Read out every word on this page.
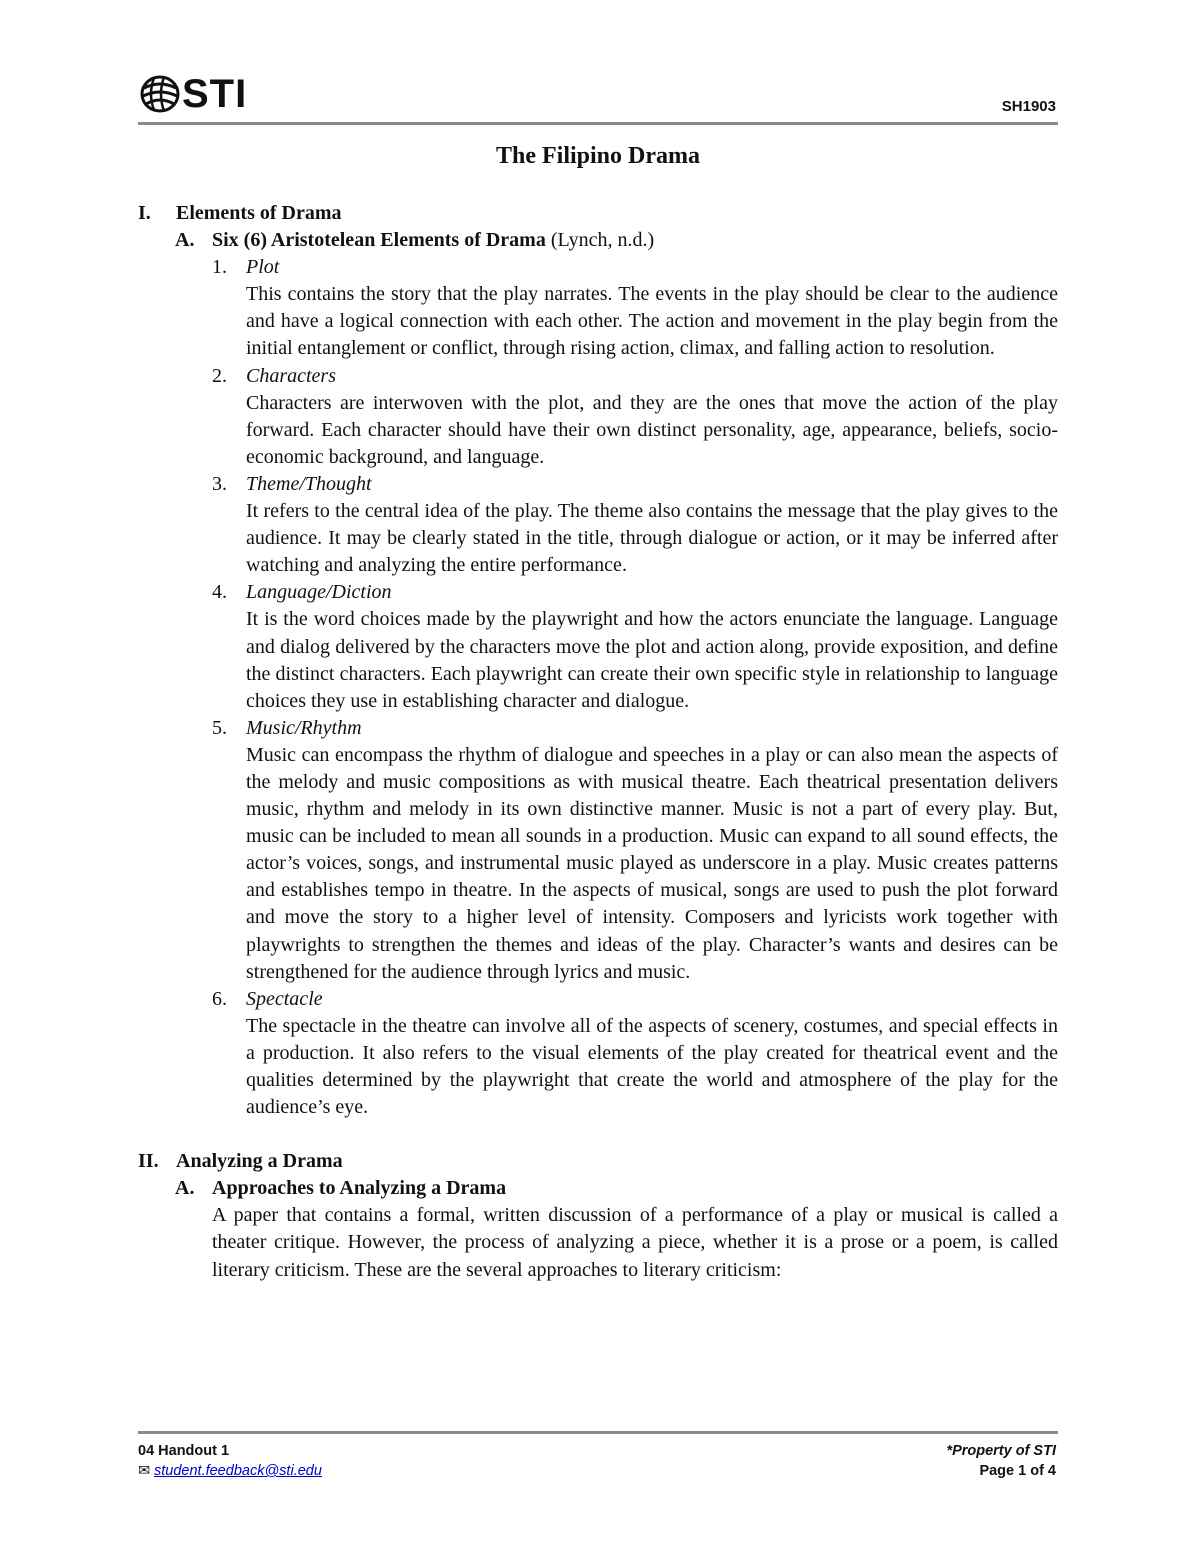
STI	SH1903
The Filipino Drama
I.	Elements of Drama
A. Six (6) Aristotelean Elements of Drama (Lynch, n.d.)
1. Plot
This contains the story that the play narrates. The events in the play should be clear to the audience and have a logical connection with each other. The action and movement in the play begin from the initial entanglement or conflict, through rising action, climax, and falling action to resolution.
2. Characters
Characters are interwoven with the plot, and they are the ones that move the action of the play forward. Each character should have their own distinct personality, age, appearance, beliefs, socio-economic background, and language.
3. Theme/Thought
It refers to the central idea of the play. The theme also contains the message that the play gives to the audience. It may be clearly stated in the title, through dialogue or action, or it may be inferred after watching and analyzing the entire performance.
4. Language/Diction
It is the word choices made by the playwright and how the actors enunciate the language. Language and dialog delivered by the characters move the plot and action along, provide exposition, and define the distinct characters. Each playwright can create their own specific style in relationship to language choices they use in establishing character and dialogue.
5. Music/Rhythm
Music can encompass the rhythm of dialogue and speeches in a play or can also mean the aspects of the melody and music compositions as with musical theatre. Each theatrical presentation delivers music, rhythm and melody in its own distinctive manner. Music is not a part of every play. But, music can be included to mean all sounds in a production. Music can expand to all sound effects, the actor’s voices, songs, and instrumental music played as underscore in a play. Music creates patterns and establishes tempo in theatre. In the aspects of musical, songs are used to push the plot forward and move the story to a higher level of intensity. Composers and lyricists work together with playwrights to strengthen the themes and ideas of the play. Character’s wants and desires can be strengthened for the audience through lyrics and music.
6. Spectacle
The spectacle in the theatre can involve all of the aspects of scenery, costumes, and special effects in a production. It also refers to the visual elements of the play created for theatrical event and the qualities determined by the playwright that create the world and atmosphere of the play for the audience’s eye.
II. Analyzing a Drama
A. Approaches to Analyzing a Drama
A paper that contains a formal, written discussion of a performance of a play or musical is called a theater critique. However, the process of analyzing a piece, whether it is a prose or a poem, is called literary criticism. These are the several approaches to literary criticism:
04 Handout 1
✉ student.feedback@sti.edu
*Property of STI
Page 1 of 4
